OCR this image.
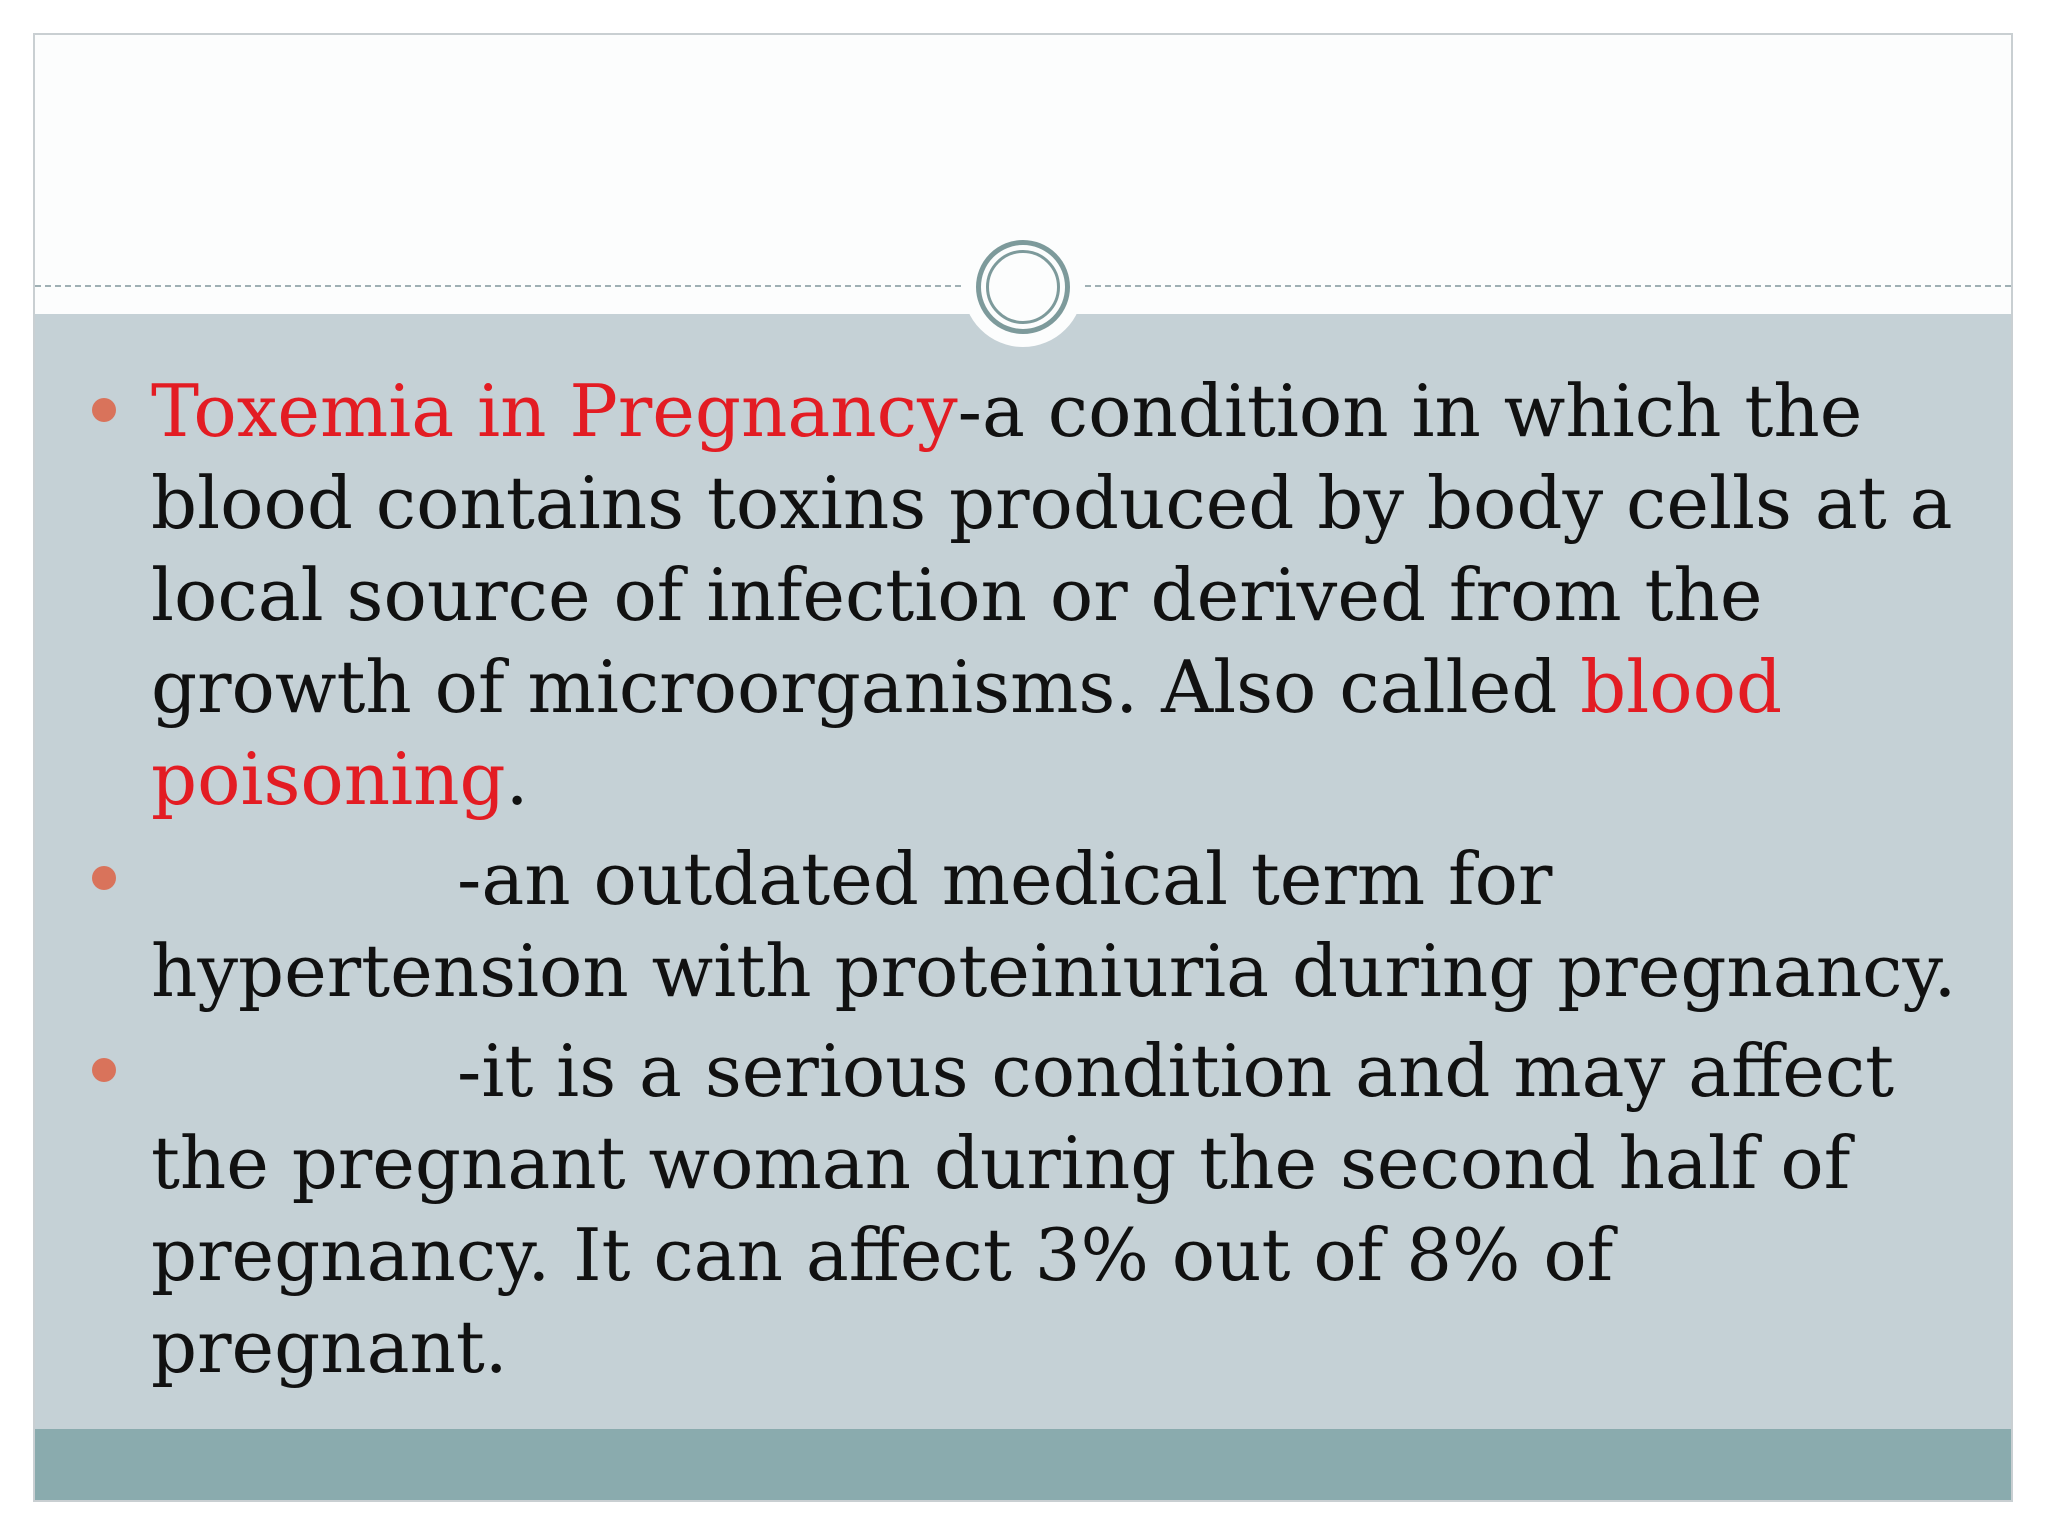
Toxemia in Pregnancy-a condition in which the blood contains toxins produced by body cells at a local source of infection or derived from the growth of microorganisms. Also called blood poisoning.
-an outdated medical term for hypertension with proteiniuria during pregnancy.
-it is a serious condition and may affect the pregnant woman during the second half of pregnancy. It can affect 3% out of 8% of pregnant.
